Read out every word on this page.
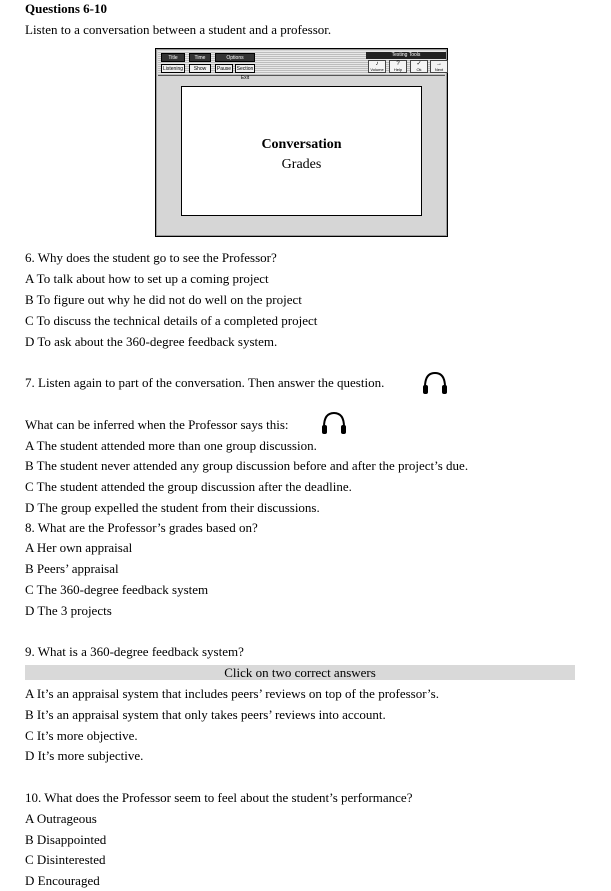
Questions 6-10
Listen to a conversation between a student and a professor.
Title	Time	Options
Listening	Show	Pause	Section Exit
Testing Tools
♪
Volume
?
Help
✓
Ok
→
Next
Conversation
Grades
6. Why does the student go to see the Professor?
A To talk about how to set up a coming project
B To figure out why he did not do well on the project
C To discuss the technical details of a completed project
D To ask about the 360-degree feedback system.
7. Listen again to part of the conversation. Then answer the question.
What can be inferred when the Professor says this:
A The student attended more than one group discussion.
B The student never attended any group discussion before and after the project’s due.
C The student attended the group discussion after the deadline.
D The group expelled the student from their discussions.
8. What are the Professor’s grades based on?
A Her own appraisal
B Peers’ appraisal
C The 360-degree feedback system
D The 3 projects
9. What is a 360-degree feedback system?
Click on two correct answers
A It’s an appraisal system that includes peers’ reviews on top of the professor’s.
B It’s an appraisal system that only takes peers’ reviews into account.
C It’s more objective.
D It’s more subjective.
10. What does the Professor seem to feel about the student’s performance?
A Outrageous
B Disappointed
C Disinterested
D Encouraged
